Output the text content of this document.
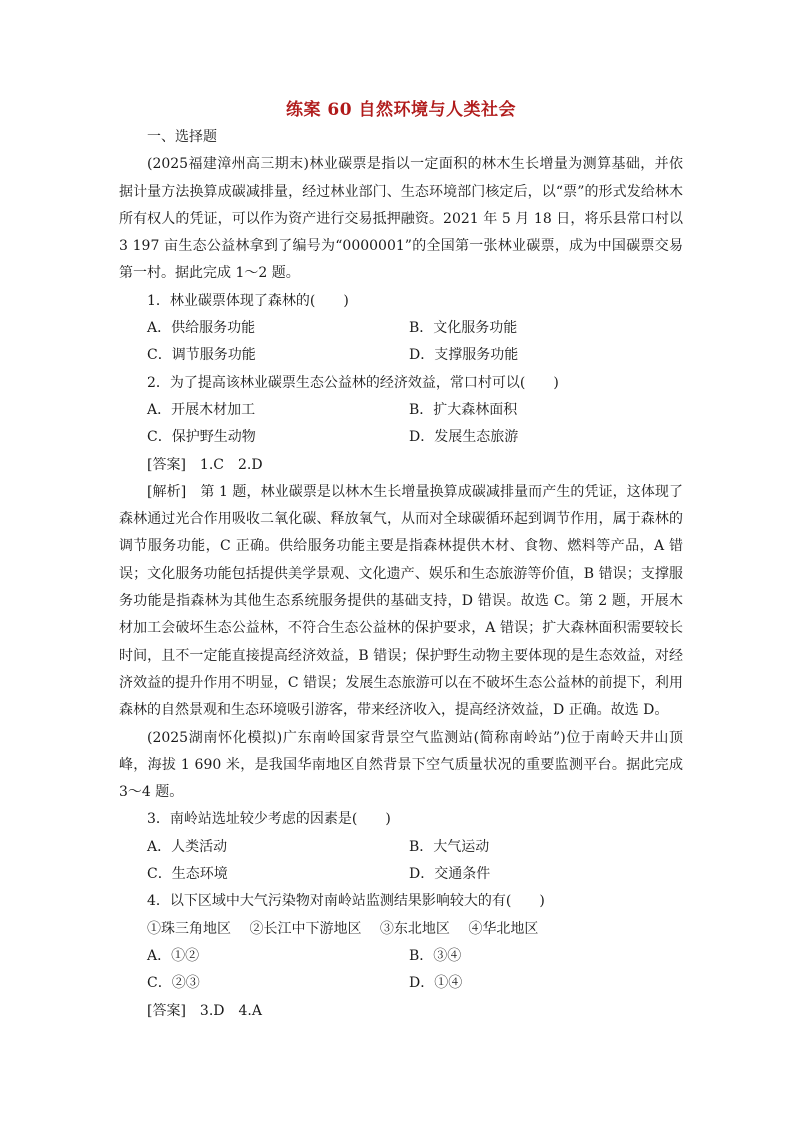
练案 60 自然环境与人类社会
一、选择题

(2025福建漳州高三期末)林业碳票是指以一定面积的林木生长增量为测算基础，并依据计量方法换算成碳减排量，经过林业部门、生态环境部门核定后，以“票”的形式发给林木所有权人的凭证，可以作为资产进行交易抵押融资。2021 年 5 月 18 日，将乐县常口村以 3 197 亩生态公益林拿到了编号为“0000001”的全国第一张林业碳票，成为中国碳票交易第一村。据此完成 1～2 题。

1．林业碳票体现了森林的(　　)
A．供给服务功能	B．文化服务功能
C．调节服务功能	D．支撑服务功能
2．为了提高该林业碳票生态公益林的经济效益，常口村可以(　　)
A．开展木材加工	B．扩大森林面积
C．保护野生动物	D．发展生态旅游
[答案]　1.C　2.D

[解析]　第 1 题，林业碳票是以林木生长增量换算成碳减排量而产生的凭证，这体现了森林通过光合作用吸收二氧化碳、释放氧气，从而对全球碳循环起到调节作用，属于森林的调节服务功能，C 正确。供给服务功能主要是指森林提供木材、食物、燃料等产品，A 错误；文化服务功能包括提供美学景观、文化遗产、娱乐和生态旅游等价值，B 错误；支撑服务功能是指森林为其他生态系统服务提供的基础支持，D 错误。故选 C。第 2 题，开展木材加工会破坏生态公益林，不符合生态公益林的保护要求，A 错误；扩大森林面积需要较长时间，且不一定能直接提高经济效益，B 错误；保护野生动物主要体现的是生态效益，对经济效益的提升作用不明显，C 错误；发展生态旅游可以在不破坏生态公益林的前提下，利用森林的自然景观和生态环境吸引游客，带来经济收入，提高经济效益，D 正确。故选 D。

(2025湖南怀化模拟)广东南岭国家背景空气监测站(简称南岭站”)位于南岭天井山顶峰，海拔 1 690 米，是我国华南地区自然背景下空气质量状况的重要监测平台。据此完成 3～4 题。

3．南岭站选址较少考虑的因素是(　　)
A．人类活动	B．大气运动
C．生态环境	D．交通条件
4．以下区域中大气污染物对南岭站监测结果影响较大的有(　　)
①珠三角地区 ②长江中下游地区 ③东北地区 ④华北地区
A．①②	B．③④
C．②③	D．①④
[答案]　3.D　4.A
